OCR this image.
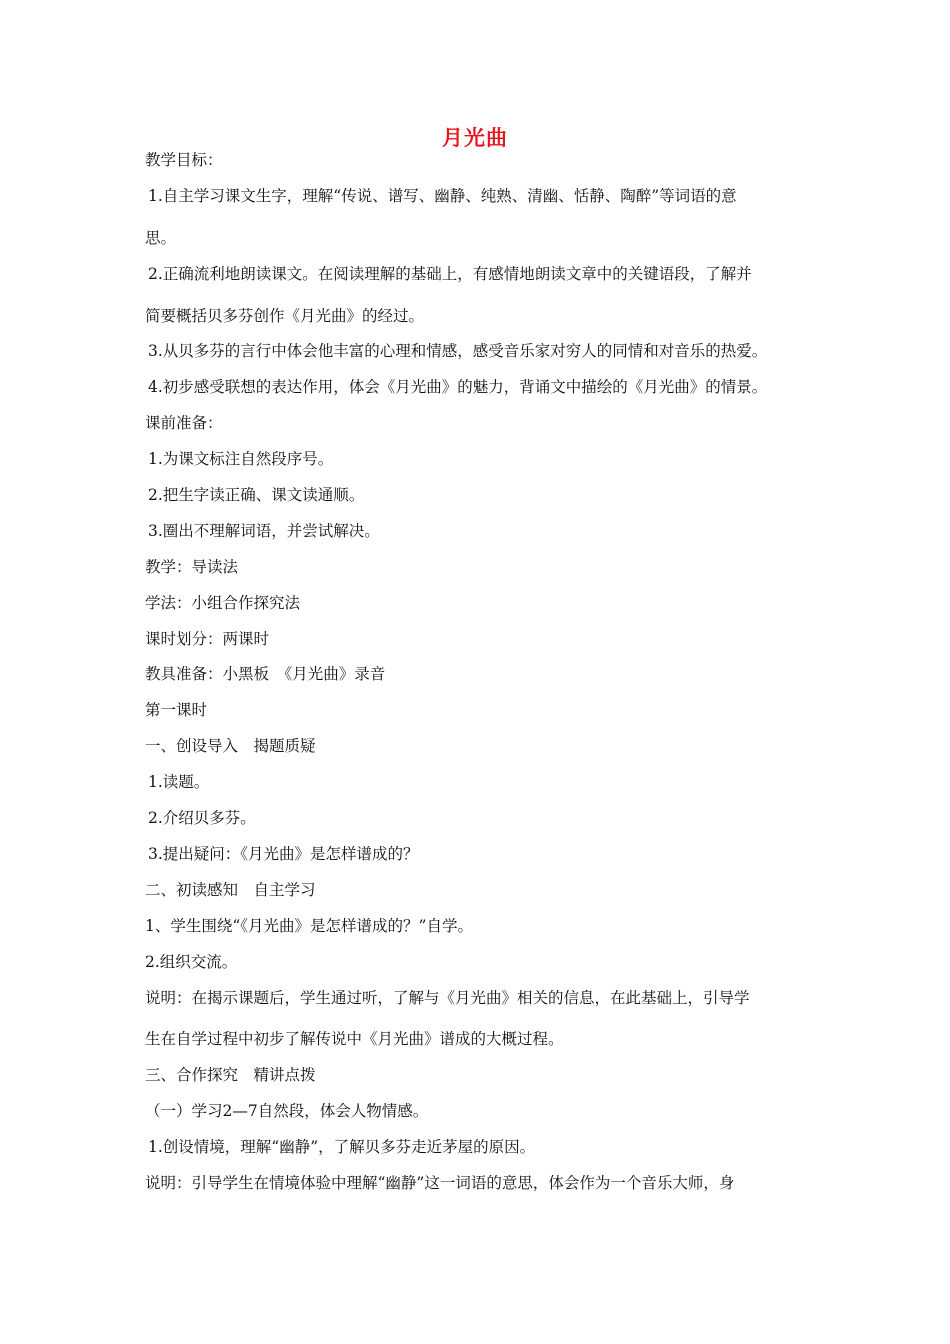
月光曲
教学目标：
1.自主学习课文生字，理解“传说、谱写、幽静、纯熟、清幽、恬静、陶醉”等词语的意
思。
2.正确流利地朗读课文。在阅读理解的基础上，有感情地朗读文章中的关键语段，了解并
简要概括贝多芬创作《月光曲》的经过。
3.从贝多芬的言行中体会他丰富的心理和情感，感受音乐家对穷人的同情和对音乐的热爱。
4.初步感受联想的表达作用，体会《月光曲》的魅力，背诵文中描绘的《月光曲》的情景。
课前准备：
1.为课文标注自然段序号。
2.把生字读正确、课文读通顺。
3.圈出不理解词语，并尝试解决。
教学：导读法
学法：小组合作探究法
课时划分：两课时
教具准备：小黑板　《月光曲》录音
第一课时
一、创设导入　揭题质疑
1.读题。
2.介绍贝多芬。
3.提出疑问：《月光曲》是怎样谱成的？
二、初读感知　自主学习
1、学生围绕“《月光曲》是怎样谱成的？”自学。
2.组织交流。
说明：在揭示课题后，学生通过听，了解与《月光曲》相关的信息，在此基础上，引导学
生在自学过程中初步了解传说中《月光曲》谱成的大概过程。
三、合作探究　精讲点拨
（一）学习2—7自然段，体会人物情感。
1.创设情境，理解“幽静”，了解贝多芬走近茅屋的原因。
说明：引导学生在情境体验中理解“幽静”这一词语的意思，体会作为一个音乐大师，身
